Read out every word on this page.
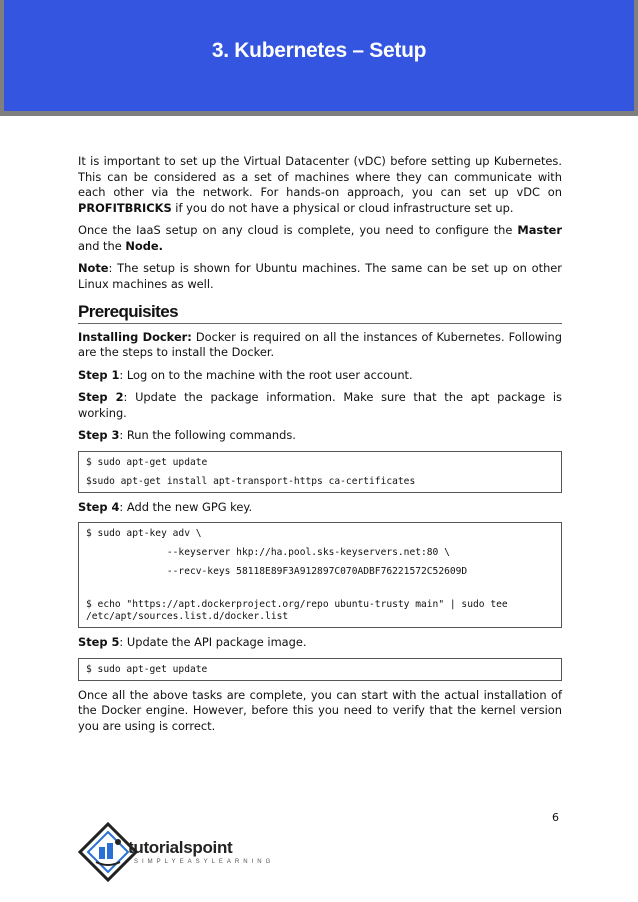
3. Kubernetes – Setup

It is important to set up the Virtual Datacenter (vDC) before setting up Kubernetes. This can be considered as a set of machines where they can communicate with each other via the network. For hands-on approach, you can set up vDC on PROFITBRICKS if you do not have a physical or cloud infrastructure set up.

Once the IaaS setup on any cloud is complete, you need to configure the Master and the Node.

Note: The setup is shown for Ubuntu machines. The same can be set up on other Linux machines as well.

Prerequisites

Installing Docker: Docker is required on all the instances of Kubernetes. Following are the steps to install the Docker.

Step 1: Log on to the machine with the root user account.

Step 2: Update the package information. Make sure that the apt package is working.

Step 3: Run the following commands.

$ sudo apt-get update
$sudo apt-get install apt-transport-https ca-certificates

Step 4: Add the new GPG key.

$ sudo apt-key adv \
--keyserver hkp://ha.pool.sks-keyservers.net:80 \
--recv-keys 58118E89F3A912897C070ADBF76221572C52609D
$ echo "https://apt.dockerproject.org/repo ubuntu-trusty main" | sudo tee
/etc/apt/sources.list.d/docker.list

Step 5: Update the API package image.

$ sudo apt-get update

Once all the above tasks are complete, you can start with the actual installation of the Docker engine. However, before this you need to verify that the kernel version you are using is correct.

6
tutorialspoint
SIMPLYEASYLEARNING
